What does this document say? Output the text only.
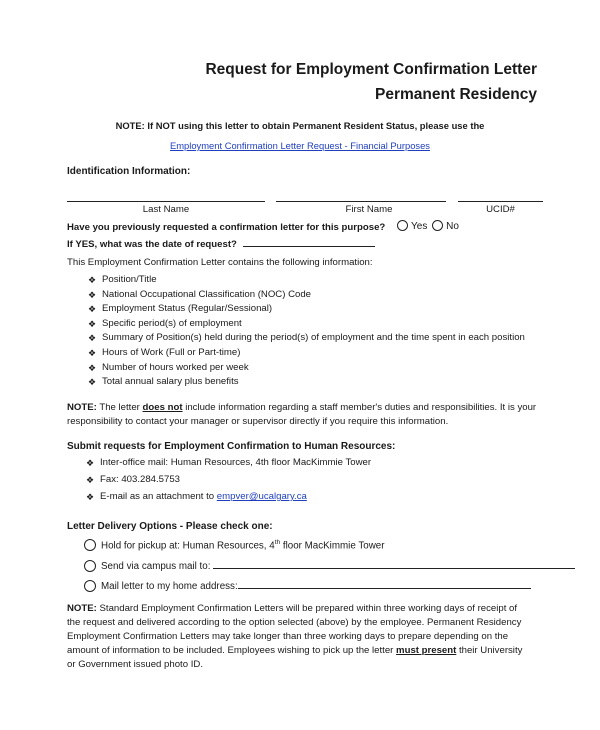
Request for Employment Confirmation Letter
Permanent Residency
NOTE: If NOT using this letter to obtain Permanent Resident Status, please use the
Employment Confirmation Letter Request - Financial Purposes
Identification Information:
Last Name	First Name	UCID#
Have you previously requested a confirmation letter for this purpose?	Yes No
If YES, what was the date of request?
This Employment Confirmation Letter contains the following information:
❖ Position/Title
❖ National Occupational Classification (NOC) Code
❖ Employment Status (Regular/Sessional)
❖ Specific period(s) of employment
❖ Summary of Position(s) held during the period(s) of employment and the time spent in each position
❖ Hours of Work (Full or Part-time)
❖ Number of hours worked per week
❖ Total annual salary plus benefits
NOTE: The letter does not include information regarding a staff member's duties and responsibilities. It is your
responsibility to contact your manager or supervisor directly if you require this information.
Submit requests for Employment Confirmation to Human Resources:
❖ Inter-office mail: Human Resources, 4th floor MacKimmie Tower
❖ Fax: 403.284.5753
❖ E-mail as an attachment to empver@ucalgary.ca
Letter Delivery Options - Please check one:
Hold for pickup at: Human Resources, 4th floor MacKimmie Tower
Send via campus mail to:
Mail letter to my home address:

NOTE: Standard Employment Confirmation Letters will be prepared within three working days of receipt of

the request and delivered according to the option selected (above) by the employee. Permanent Residency

Employment Confirmation Letters may take longer than three working days to prepare depending on the

amount of information to be included. Employees wishing to pick up the letter must present their University

or Government issued photo ID.
